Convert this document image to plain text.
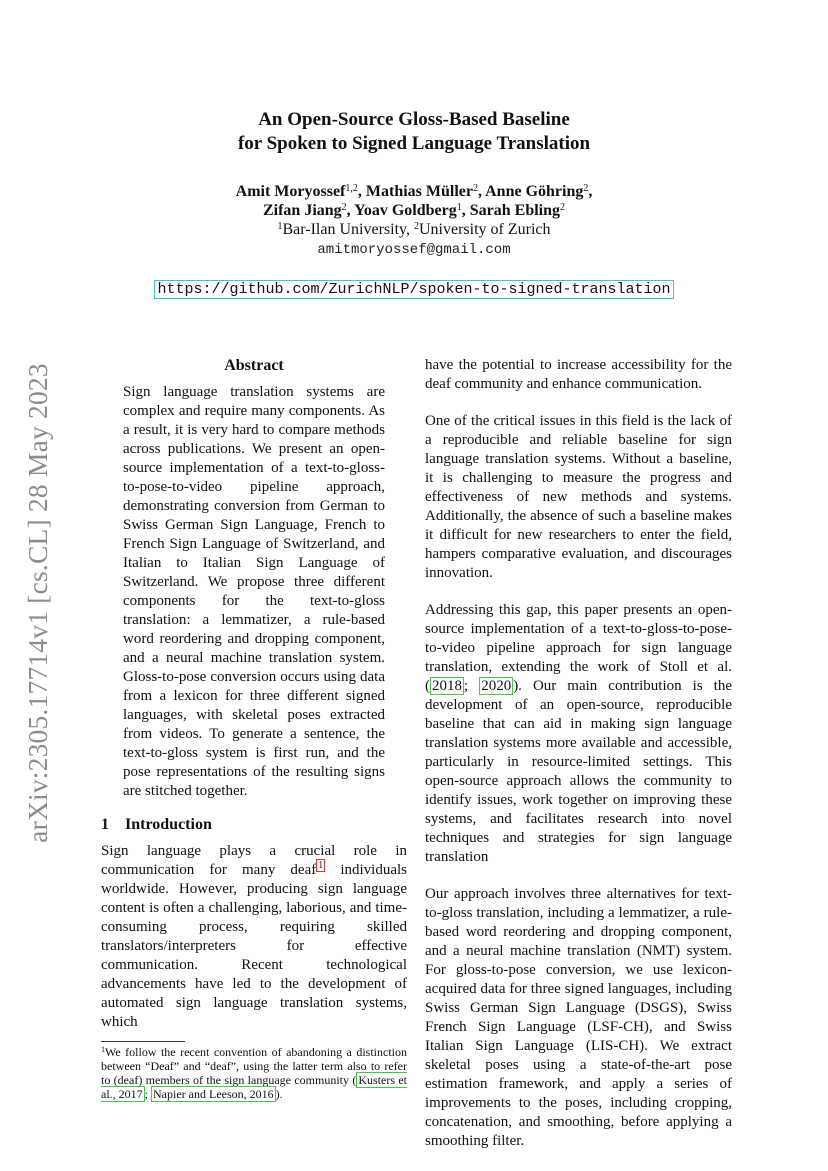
arXiv:2305.17714v1 [cs.CL] 28 May 2023
An Open-Source Gloss-Based Baseline
for Spoken to Signed Language Translation
Amit Moryossef$^{1,2}$, Mathias Müller$^2$, Anne Göhring$^2$,
Zifan Jiang$^2$, Yoav Goldberg$^1$, Sarah Ebling$^2$
$^1$Bar-Ilan University, $^2$University of Zurich
amitmoryossef@gmail.com
https://github.com/ZurichNLP/spoken-to-signed-translation
Abstract

Sign language translation systems are complex and require many components. As a result, it is very hard to compare methods across publications. We present an open-source implementation of a text-to-gloss-to-pose-to-video pipeline approach, demonstrating conversion from German to Swiss German Sign Language, French to French Sign Language of Switzerland, and Italian to Italian Sign Language of Switzerland. We propose three different components for the text-to-gloss translation: a lemmatizer, a rule-based word reordering and dropping component, and a neural machine translation system. Gloss-to-pose conversion occurs using data from a lexicon for three different signed languages, with skeletal poses extracted from videos. To generate a sentence, the text-to-gloss system is first run, and the pose representations of the resulting signs are stitched together.

1 Introduction

Sign language plays a crucial role in communication for many deaf $^1$ individuals worldwide. However, producing sign language content is often a challenging, laborious, and time-consuming process, requiring skilled translators/interpreters for effective communication. Recent technological advancements have led to the development of automated sign language translation systems, which

$^1$We follow the recent convention of abandoning a distinction between “Deaf” and “deaf”, using the latter term also to refer to (deaf) members of the sign language community ( Kusters et al., 2017 ; Napier and Leeson, 2016 ).

have the potential to increase accessibility for the deaf community and enhance communication.

One of the critical issues in this field is the lack of a reproducible and reliable baseline for sign language translation systems. Without a baseline, it is challenging to measure the progress and effectiveness of new methods and systems. Additionally, the absence of such a baseline makes it difficult for new researchers to enter the field, hampers comparative evaluation, and discourages innovation.

Addressing this gap, this paper presents an open-source implementation of a text-to-gloss-to-pose-to-video pipeline approach for sign language translation, extending the work of Stoll et al. ( 2018 ; 2020 ). Our main contribution is the development of an open-source, reproducible baseline that can aid in making sign language translation systems more available and accessible, particularly in resource-limited settings. This open-source approach allows the community to identify issues, work together on improving these systems, and facilitates research into novel techniques and strategies for sign language translation

Our approach involves three alternatives for text-to-gloss translation, including a lemmatizer, a rule-based word reordering and dropping component, and a neural machine translation (NMT) system. For gloss-to-pose conversion, we use lexicon-acquired data for three signed languages, including Swiss German Sign Language (DSGS), Swiss French Sign Language (LSF-CH), and Swiss Italian Sign Language (LIS-CH). We extract skeletal poses using a state-of-the-art pose estimation framework, and apply a series of improvements to the poses, including cropping, concatenation, and smoothing, before applying a smoothing filter.
